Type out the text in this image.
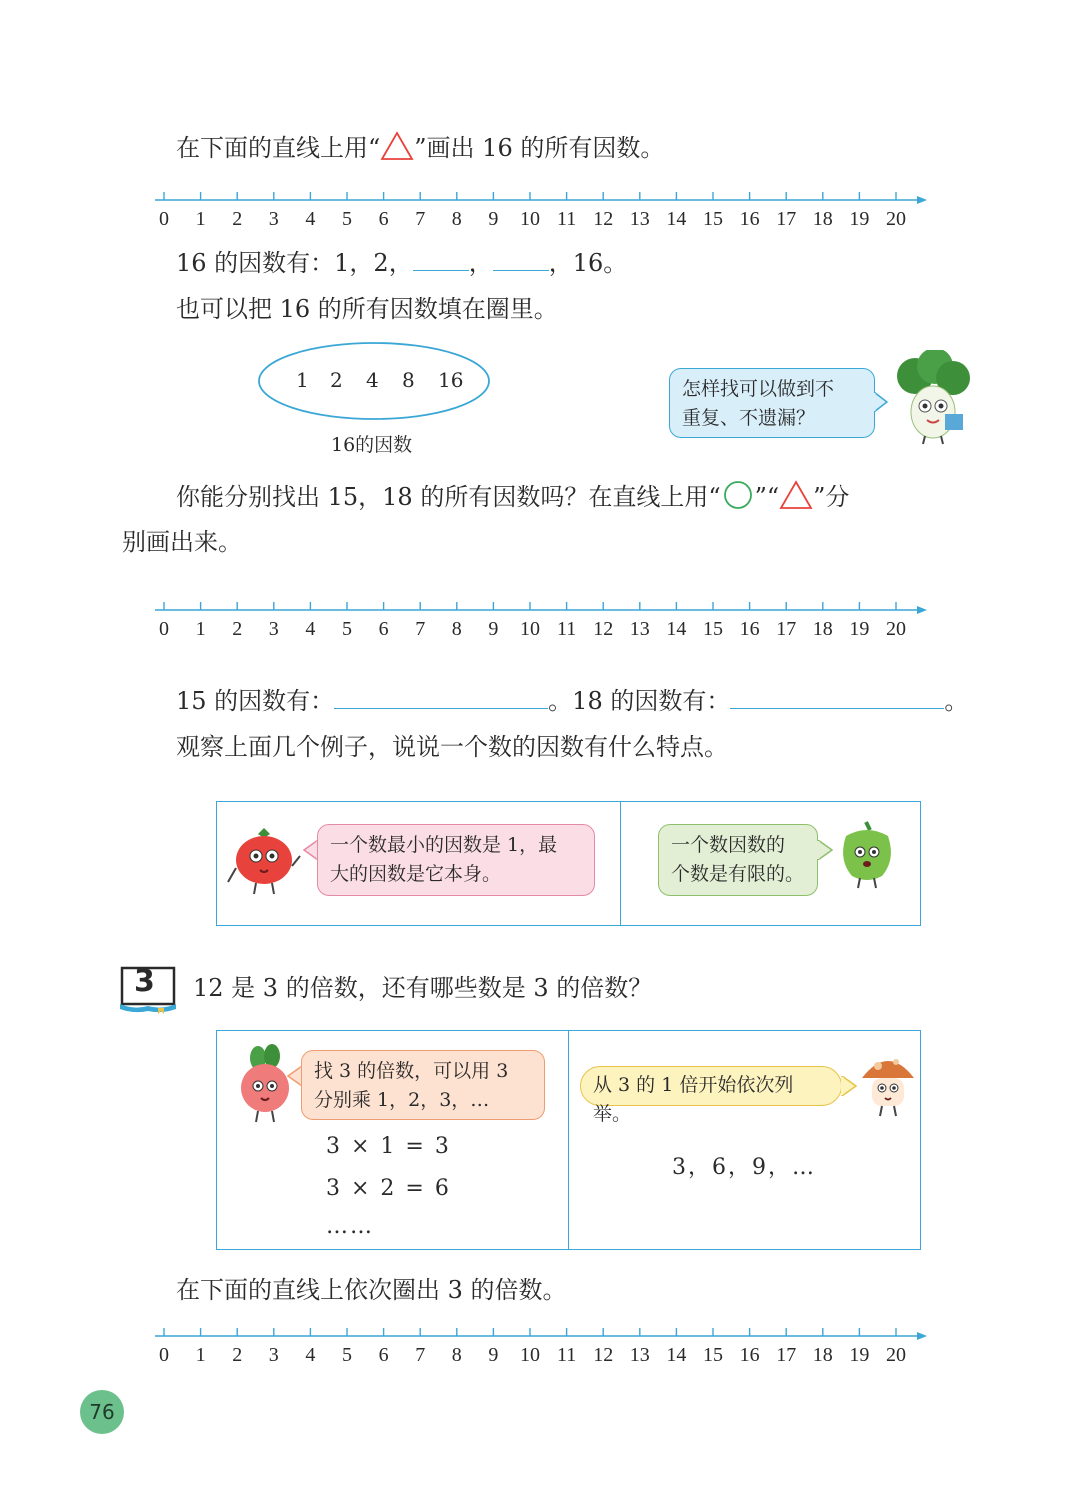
在下面的直线上用“ ”画出 16 的所有因数。
0 1 2 3 4 5 6 7 8 9 10 11 12 13 14 15 16 17 18 19 20
16 的因数有：1，2， ， ，16。
也可以把 16 的所有因数填在圈里。
1 2 4 8 16
16的因数
怎样找可以做到不
重复、不遗漏？
你能分别找出 15，18 的所有因数吗？在直线上用“ ”“ ”分
别画出来。
0 1 2 3 4 5 6 7 8 9 10 11 12 13 14 15 16 17 18 19 20
15 的因数有：	。18 的因数有：	。
观察上面几个例子，说说一个数的因数有什么特点。
一个数最小的因数是 1，最
大的因数是它本身。
一个数因数的
个数是有限的。
3 12 是 3 的倍数，还有哪些数是 3 的倍数？
找 3 的倍数，可以用 3
分别乘 1，2，3，…
3 × 1 = 3
3 × 2 = 6
……
从 3 的 1 倍开始依次列举。
3，6，9，…
在下面的直线上依次圈出 3 的倍数。
0 1 2 3 4 5 6 7 8 9 10 11 12 13 14 15 16 17 18 19 20
76
